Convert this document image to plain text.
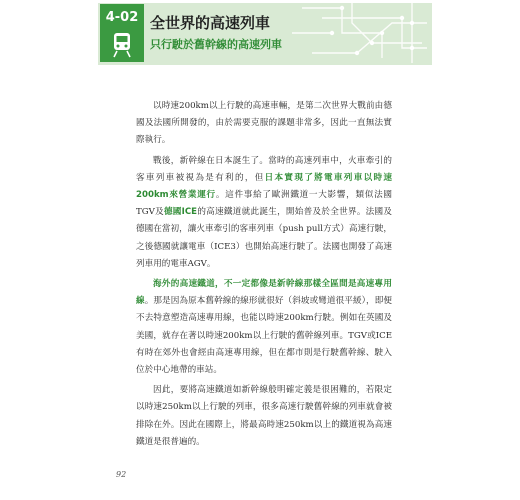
4-02 全世界的高速列車
只行駛於舊幹線的高速列車

以時速200km以上行駛的高速車輛，是第二次世界大戰前由德國及法國所開發的，由於需要克服的課題非常多，因此一直無法實際執行。

戰後，新幹線在日本誕生了。當時的高速列車中，火車牽引的客車列車被視為是有利的，但日本實現了將電車列車以時速200km來營業運行。這件事給了歐洲鐵道一大影響，類似法國TGV及德國ICE的高速鐵道就此誕生，開始普及於全世界。法國及德國在當初，讓火車牽引的客車列車（push pull方式）高速行駛，之後德國就讓電車（ICE3）也開始高速行駛了。法國也開發了高速列車用的電車AGV。

海外的高速鐵道，不一定都像是新幹線那樣全區間是高速專用線。那是因為原本舊幹線的線形就很好（斜坡或彎道很平緩），即便不去特意塑造高速專用線，也能以時速200km行駛。例如在英國及美國，就存在著以時速200km以上行駛的舊幹線列車。TGV或ICE有時在郊外也會經由高速專用線，但在都市則是行駛舊幹線、駛入位於中心地帶的車站。

因此，要將高速鐵道如新幹線般明確定義是很困難的，若限定以時速250km以上行駛的列車，很多高速行駛舊幹線的列車就會被排除在外。因此在國際上，將最高時速250km以上的鐵道視為高速鐵道是很普遍的。

92
